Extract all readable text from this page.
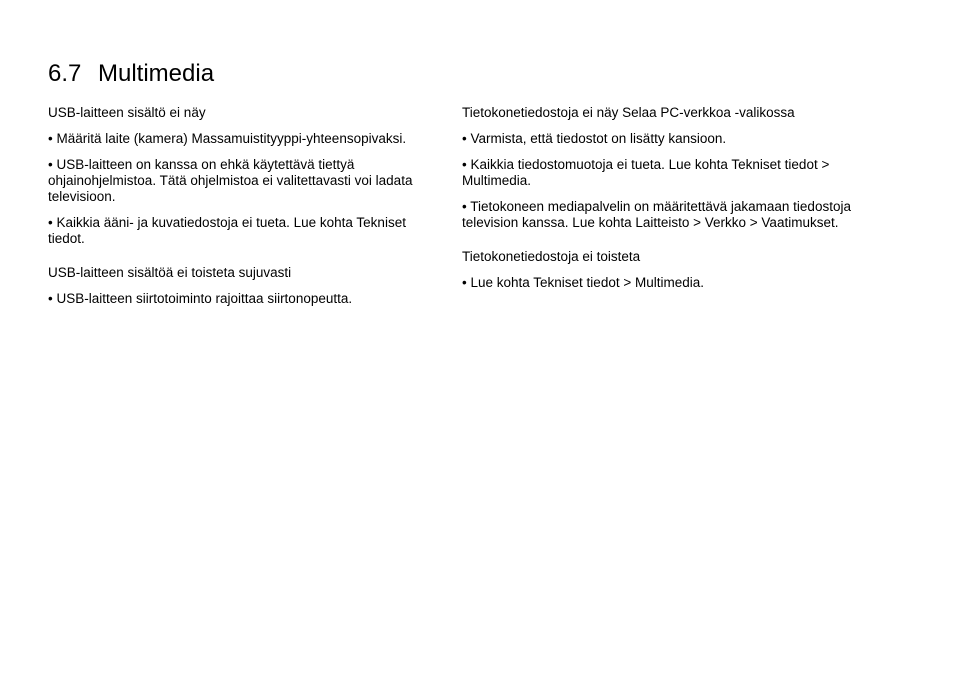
6.7 Multimedia

USB-laitteen sisältö ei näy

• Määritä laite (kamera) Massamuistityyppi-yhteensopivaksi.
• USB-laitteen on kanssa on ehkä käytettävä tiettyä ohjainohjelmistoa. Tätä ohjelmistoa ei valitettavasti voi ladata televisioon.
• Kaikkia ääni- ja kuvatiedostoja ei tueta. Lue kohta Tekniset tiedot.

USB-laitteen sisältöä ei toisteta sujuvasti

• USB-laitteen siirtotoiminto rajoittaa siirtonopeutta.

Tietokonetiedostoja ei näy Selaa PC-verkkoa -valikossa

• Varmista, että tiedostot on lisätty kansioon.
• Kaikkia tiedostomuotoja ei tueta. Lue kohta Tekniset tiedot > Multimedia.
• Tietokoneen mediapalvelin on määritettävä jakamaan tiedostoja television kanssa. Lue kohta Laitteisto > Verkko > Vaatimukset.

Tietokonetiedostoja ei toisteta

• Lue kohta Tekniset tiedot > Multimedia.
